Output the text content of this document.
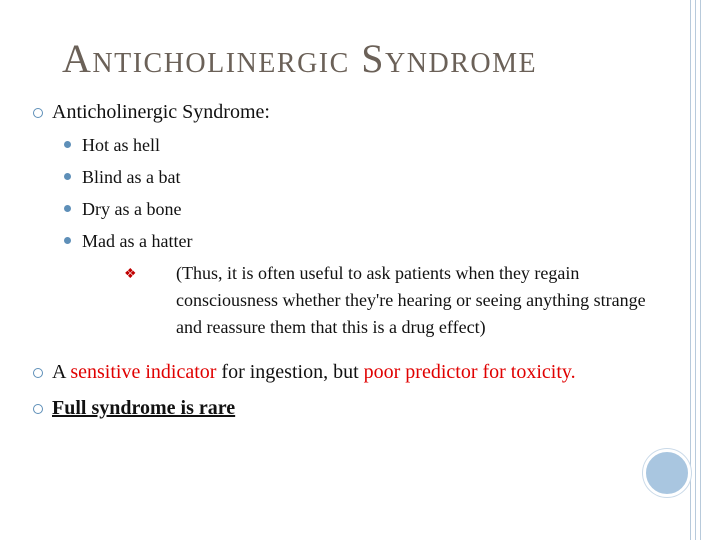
Anticholinergic Syndrome
Anticholinergic Syndrome:
Hot as hell
Blind as a bat
Dry as a bone
Mad as a hatter
❖ (Thus, it is often useful to ask patients when they regain consciousness whether they're hearing or seeing anything strange and reassure them that this is a drug effect)
A sensitive indicator for ingestion, but poor predictor for toxicity.
Full syndrome is rare
